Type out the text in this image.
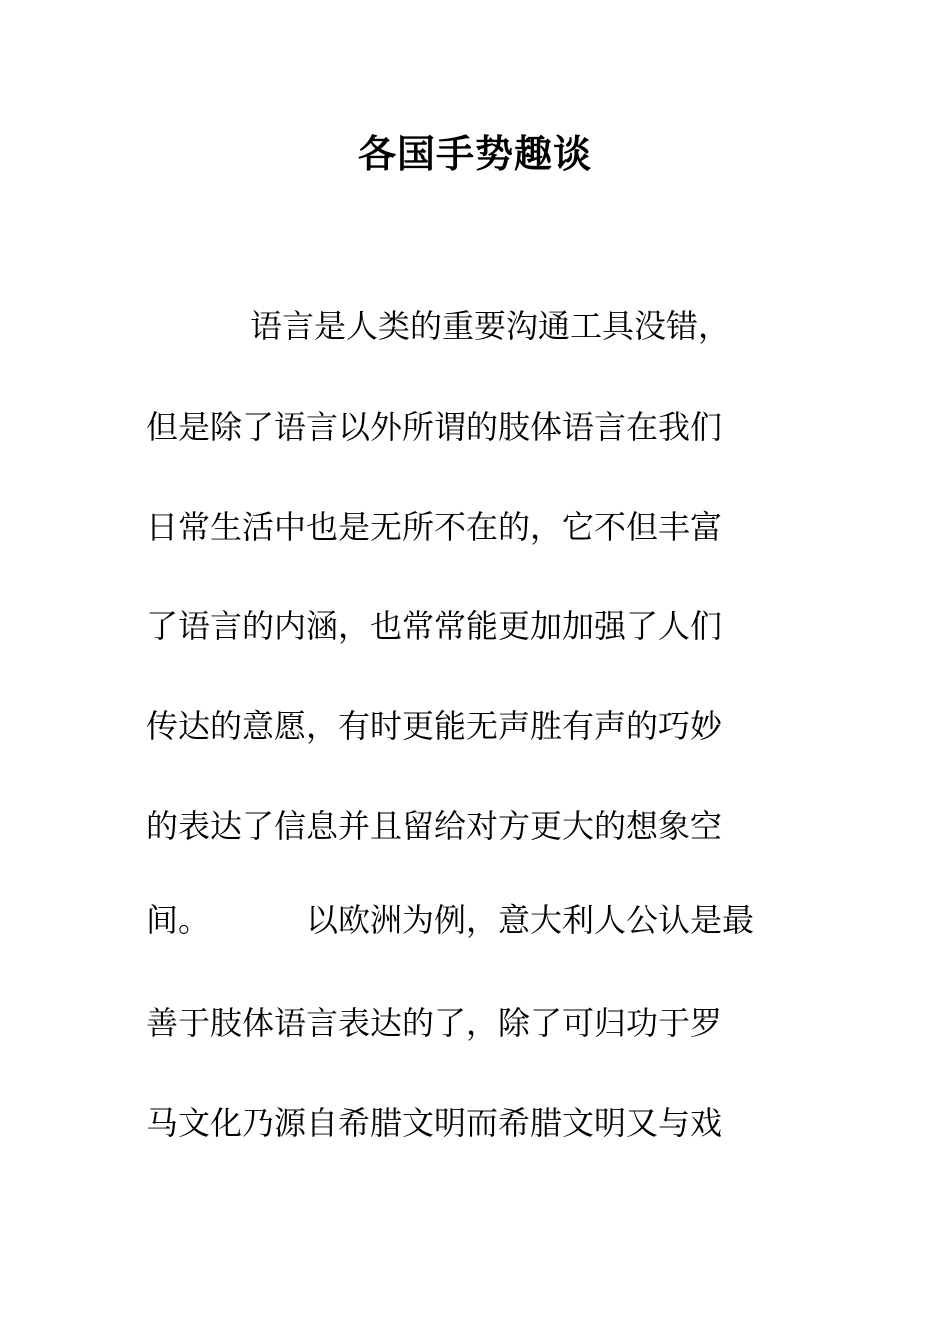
各国手势趣谈
语言是人类的重要沟通工具没错，
但是除了语言以外所谓的肢体语言在我们
日常生活中也是无所不在的，它不但丰富
了语言的内涵，也常常能更加加强了人们
传达的意愿，有时更能无声胜有声的巧妙
的表达了信息并且留给对方更大的想象空
间。	以欧洲为例，意大利人公认是最
善于肢体语言表达的了，除了可归功于罗
马文化乃源自希腊文明而希腊文明又与戏
